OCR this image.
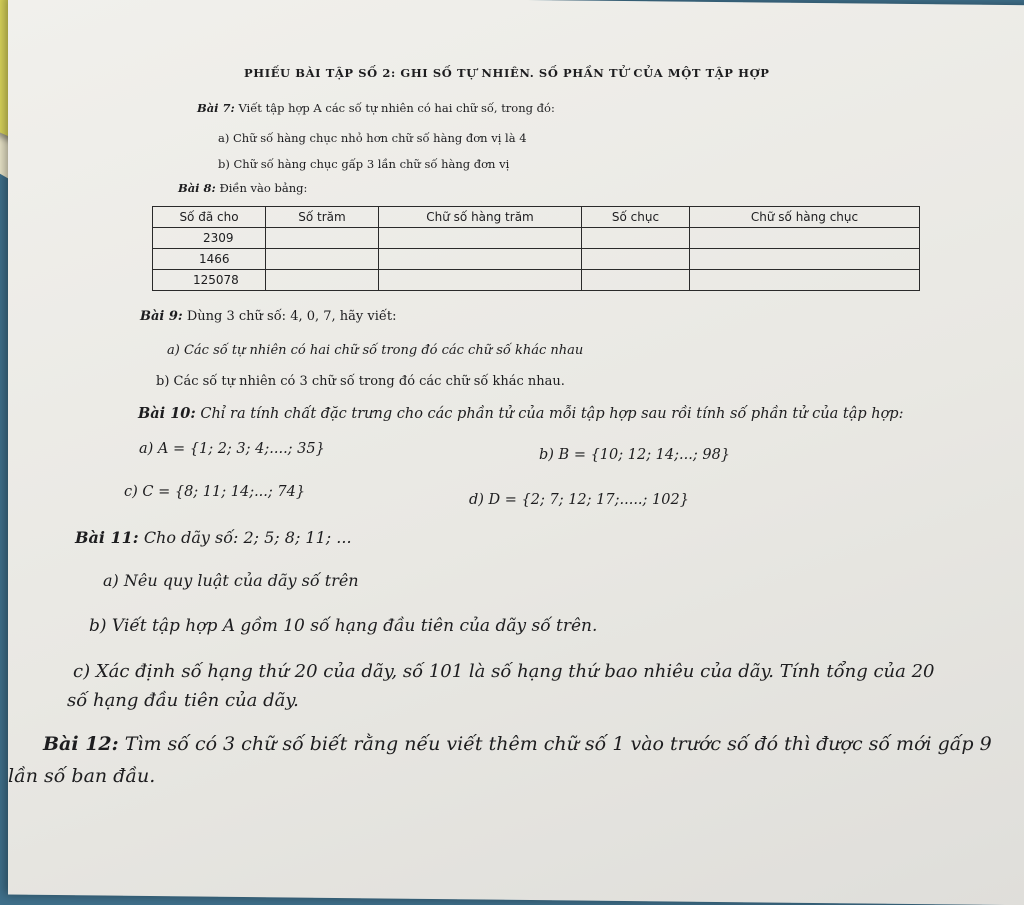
PHIẾU BÀI TẬP SỐ 2: GHI SỐ TỰ NHIÊN. SỐ PHẦN TỬ CỦA MỘT TẬP HỢP
Bài 7: Viết tập hợp A các số tự nhiên có hai chữ số, trong đó:
a) Chữ số hàng chục nhỏ hơn chữ số hàng đơn vị là 4
b) Chữ số hàng chục gấp 3 lần chữ số hàng đơn vị
Bài 8: Điền vào bảng:
Số đã cho	Số trăm	Chữ số hàng trăm	Số chục	Chữ số hàng chục
2309				
1466				
125078				
Bài 9: Dùng 3 chữ số: 4, 0, 7, hãy viết:
a) Các số tự nhiên có hai chữ số trong đó các chữ số khác nhau
b) Các số tự nhiên có 3 chữ số trong đó các chữ số khác nhau.
Bài 10: Chỉ ra tính chất đặc trưng cho các phần tử của mỗi tập hợp sau rồi tính số phần tử của tập hợp:
a) A = {1; 2; 3; 4;....; 35}	b) B = {10; 12; 14;...; 98}
c) C = {8; 11; 14;...; 74}	d) D = {2; 7; 12; 17;.....; 102}
Bài 11: Cho dãy số: 2; 5; 8; 11; ...
a) Nêu quy luật của dãy số trên
b) Viết tập hợp A gồm 10 số hạng đầu tiên của dãy số trên.
c) Xác định số hạng thứ 20 của dãy, số 101 là số hạng thứ bao nhiêu của dãy. Tính tổng của 20
số hạng đầu tiên của dãy.
Bài 12: Tìm số có 3 chữ số biết rằng nếu viết thêm chữ số 1 vào trước số đó thì được số mới gấp 9
lần số ban đầu.
